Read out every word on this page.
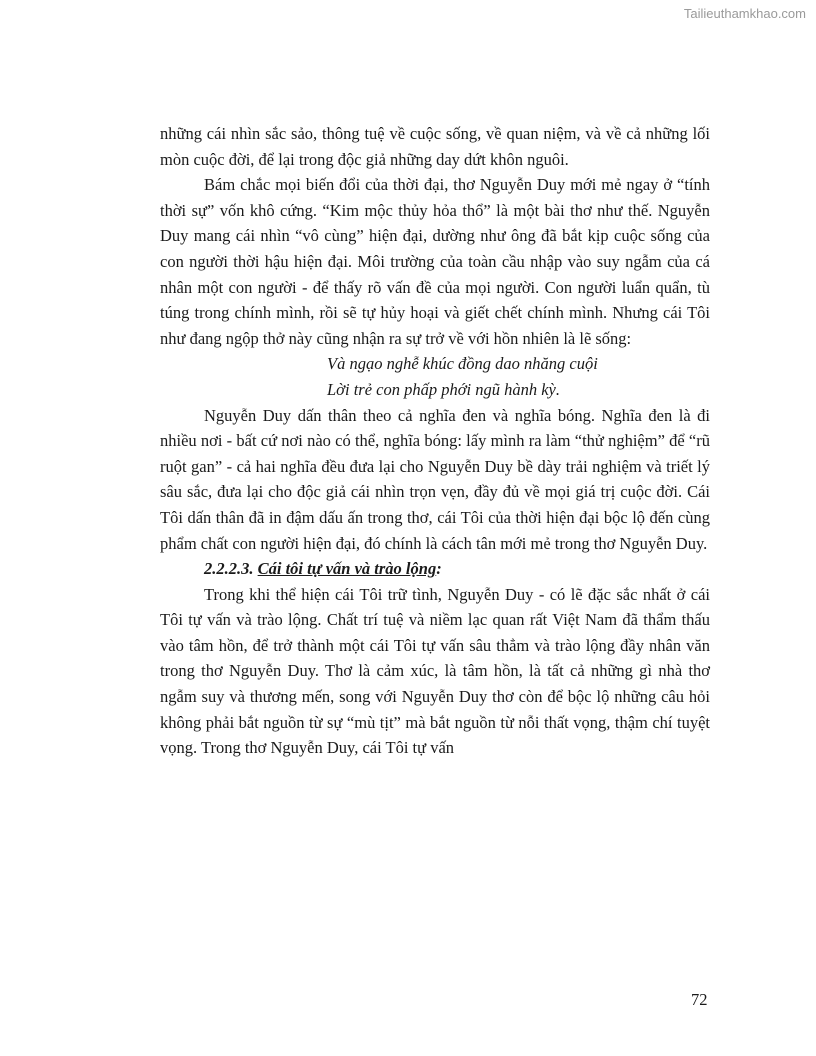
Tailieuthamkhao.com

những cái nhìn sắc sảo, thông tuệ về cuộc sống, về quan niệm, và về cả những lối mòn cuộc đời, để lại trong độc giả những day dứt khôn nguôi.

Bám chắc mọi biến đổi của thời đại, thơ Nguyễn Duy mới mẻ ngay ở “tính thời sự” vốn khô cứng. “Kim mộc thủy hỏa thổ” là một bài thơ như thế. Nguyễn Duy mang cái nhìn “vô cùng” hiện đại, dường như ông đã bắt kịp cuộc sống của con người thời hậu hiện đại. Môi trường của toàn cầu nhập vào suy ngẫm của cá nhân một con người - để thấy rõ vấn đề của mọi người. Con người luẩn quẩn, tù túng trong chính mình, rồi sẽ tự hủy hoại và giết chết chính mình. Nhưng cái Tôi như đang ngộp thở này cũng nhận ra sự trở về với hồn nhiên là lẽ sống:

Và ngạo nghễ khúc đồng dao nhăng cuội
Lời trẻ con phấp phới ngũ hành kỳ.

Nguyễn Duy dấn thân theo cả nghĩa đen và nghĩa bóng. Nghĩa đen là đi nhiều nơi - bất cứ nơi nào có thể, nghĩa bóng: lấy mình ra làm “thử nghiệm” để “rũ ruột gan” - cả hai nghĩa đều đưa lại cho Nguyễn Duy bề dày trải nghiệm và triết lý sâu sắc, đưa lại cho độc giả cái nhìn trọn vẹn, đầy đủ về mọi giá trị cuộc đời. Cái Tôi dấn thân đã in đậm dấu ấn trong thơ, cái Tôi của thời hiện đại bộc lộ đến cùng phẩm chất con người hiện đại, đó chính là cách tân mới mẻ trong thơ Nguyễn Duy.

2.2.2.3. Cái tôi tự vấn và trào lộng:

Trong khi thể hiện cái Tôi trữ tình, Nguyễn Duy - có lẽ đặc sắc nhất ở cái Tôi tự vấn và trào lộng. Chất trí tuệ và niềm lạc quan rất Việt Nam đã thẩm thấu vào tâm hồn, để trở thành một cái Tôi tự vấn sâu thẳm và trào lộng đầy nhân văn trong thơ Nguyễn Duy. Thơ là cảm xúc, là tâm hồn, là tất cả những gì nhà thơ ngẫm suy và thương mến, song với Nguyễn Duy thơ còn để bộc lộ những câu hỏi không phải bắt nguồn từ sự “mù tịt” mà bắt nguồn từ nỗi thất vọng, thậm chí tuyệt vọng. Trong thơ Nguyễn Duy, cái Tôi tự vấn

72
